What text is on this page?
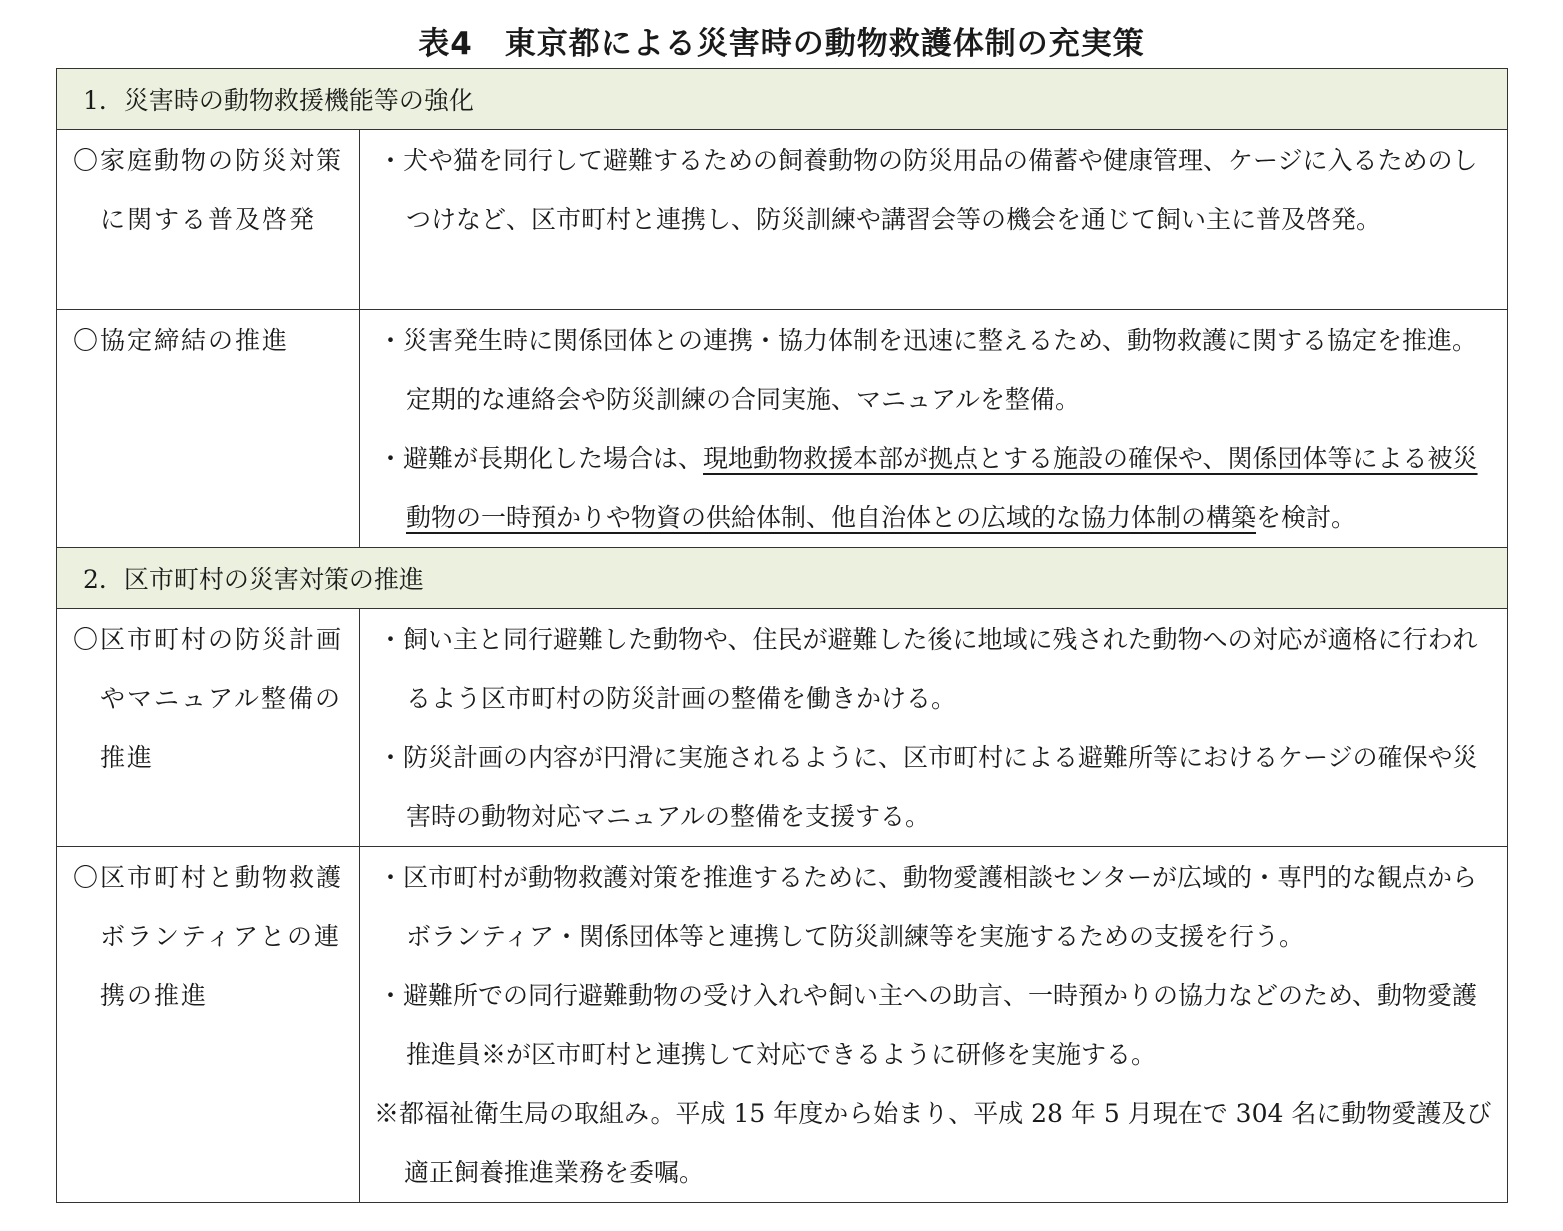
表4　東京都による災害時の動物救護体制の充実策
1．災害時の動物救援機能等の強化	

〇家庭動物の防災対策に関する普及啓発	・犬や猫を同行して避難するための飼養動物の防災用品の備蓄や健康管理、ケージに入るためのしつけなど、区市町村と連携し、防災訓練や講習会等の機会を通じて飼い主に普及啓発。

〇協定締結の推進	・災害発生時に関係団体との連携・協力体制を迅速に整えるため、動物救護に関する協定を推進。定期的な連絡会や防災訓練の合同実施、マニュアルを整備。
・避難が長期化した場合は、現地動物救援本部が拠点とする施設の確保や、関係団体等による被災動物の一時預かりや物資の供給体制、他自治体との広域的な協力体制の構築を検討。

2．区市町村の災害対策の推進	

〇区市町村の防災計画やマニュアル整備の推進	・飼い主と同行避難した動物や、住民が避難した後に地域に残された動物への対応が適格に行われるよう区市町村の防災計画の整備を働きかける。
・防災計画の内容が円滑に実施されるように、区市町村による避難所等におけるケージの確保や災害時の動物対応マニュアルの整備を支援する。

〇区市町村と動物救護ボランティアとの連携の推進	・区市町村が動物救護対策を推進するために、動物愛護相談センターが広域的・専門的な観点からボランティア・関係団体等と連携して防災訓練等を実施するための支援を行う。
・避難所での同行避難動物の受け入れや飼い主への助言、一時預かりの協力などのため、動物愛護推進員※が区市町村と連携して対応できるように研修を実施する。
※都福祉衛生局の取組み。平成 15 年度から始まり、平成 28 年 5 月現在で 304 名に動物愛護及び適正飼養推進業務を委嘱。
